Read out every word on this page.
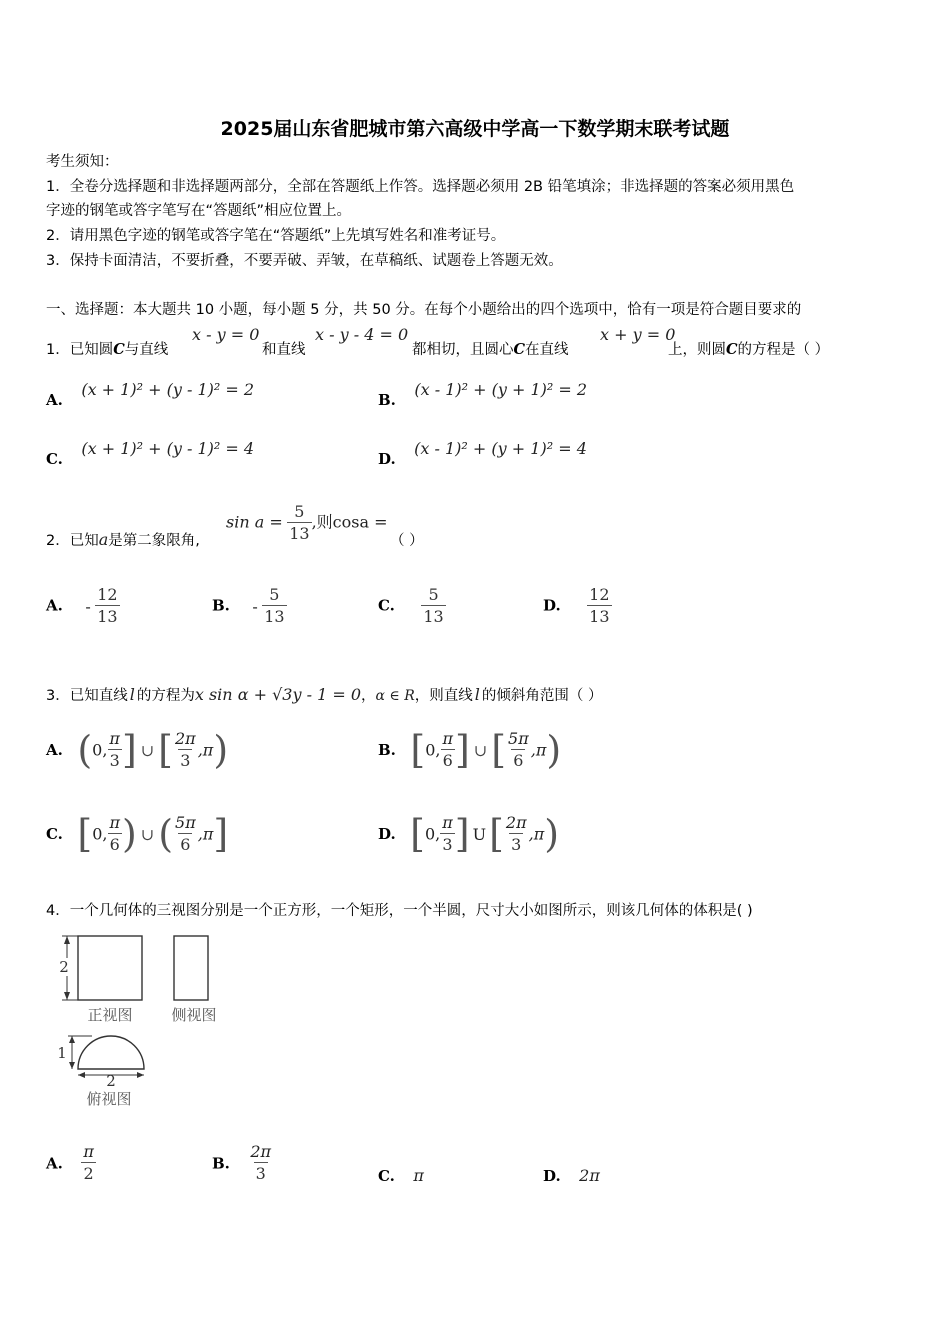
2025届山东省肥城市第六高级中学高一下数学期末联考试题
考生须知：
1．全卷分选择题和非选择题两部分，全部在答题纸上作答。选择题必须用 2B 铅笔填涂；非选择题的答案必须用黑色
字迹的钢笔或答字笔写在“答题纸”相应位置上。
2．请用黑色字迹的钢笔或答字笔在“答题纸”上先填写姓名和准考证号。
3．保持卡面清洁，不要折叠，不要弄破、弄皱，在草稿纸、试题卷上答题无效。
一、选择题：本大题共 10 小题，每小题 5 分，共 50 分。在每个小题给出的四个选项中，恰有一项是符合题目要求的
1．已知圆C与直线
x - y = 0
和直线
x - y - 4 = 0
都相切，且圆心C在直线
x + y = 0
上，则圆C的方程是（ ）
A. (x + 1)² + (y - 1)² = 2
B. (x - 1)² + (y + 1)² = 2
C. (x + 1)² + (y - 1)² = 4
D. (x - 1)² + (y + 1)² = 4
2．已知a是第二象限角,
$\sin a = \frac{5}{13}$ ,则cosa =
（ ）
A. - $\frac{12}{13}$	B. - $\frac{5}{13}$	C. $\frac{5}{13}$	D. $\frac{12}{13}$
3．已知直线 l 的方程为x sin α + √3y - 1 = 0，α ∈ R，则直线 l 的倾斜角范围（ ）
A. (0, $\frac{\pi}{3}$ ] ∪ [ $\frac{2\pi}{3} ,\pi$)	B. [0, $\frac{\pi}{6}$ ] ∪ [ $\frac{5\pi}{6} ,\pi$)
C. [0, $\frac{\pi}{6}$ ) ∪ ( $\frac{5\pi}{6} ,\pi$]	D. [0, $\frac{\pi}{3}$ ] $U[ \frac{2\pi}{3} ,\pi)$
4．一个几何体的三视图分别是一个正方形，一个矩形，一个半圆，尺寸大小如图所示，则该几何体的体积是( )
2
正视图	侧视图
1
2
俯视图
A. $\frac{\pi}{2}$	B. $\frac{2\pi}{3}$	C. π	D. 2π
